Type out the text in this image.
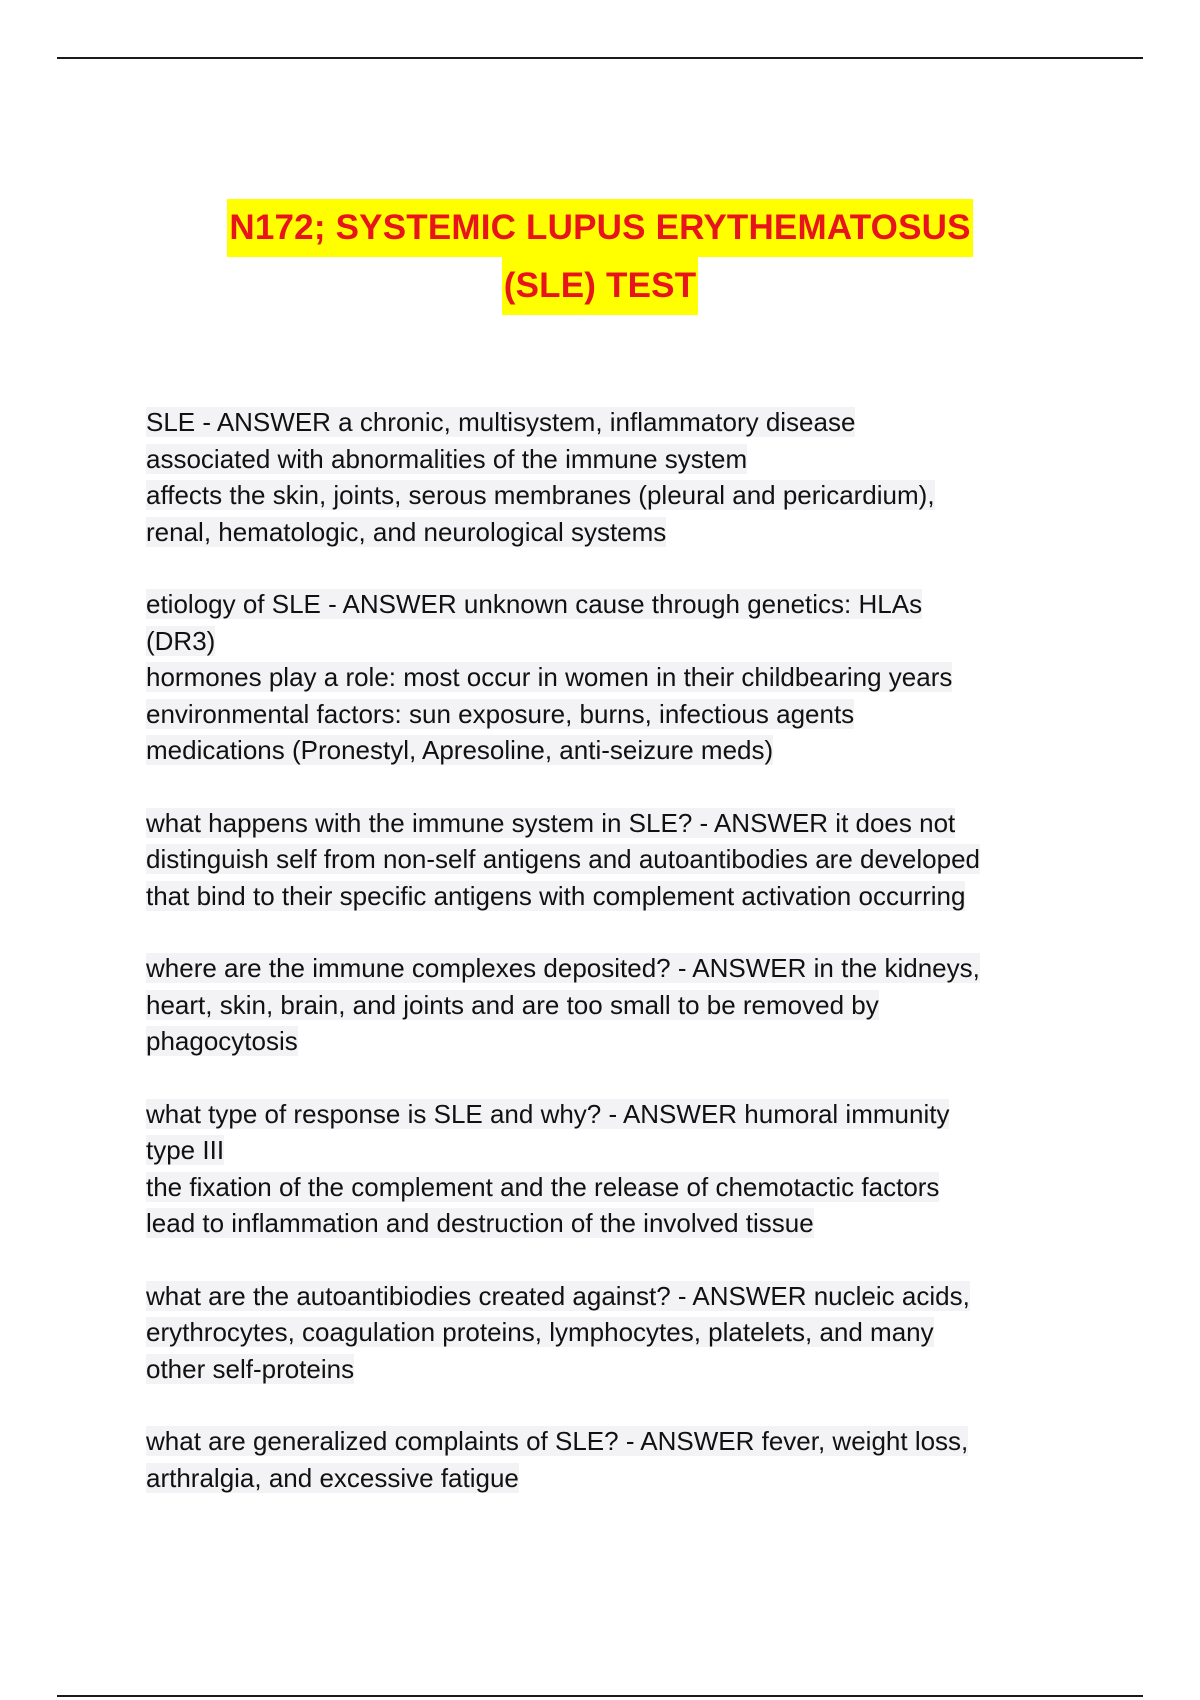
N172; SYSTEMIC LUPUS ERYTHEMATOSUS
(SLE) TEST
SLE - ANSWER a chronic, multisystem, inflammatory disease
associated with abnormalities of the immune system
affects the skin, joints, serous membranes (pleural and pericardium),
renal, hematologic, and neurological systems
etiology of SLE - ANSWER unknown cause through genetics: HLAs
(DR3)
hormones play a role: most occur in women in their childbearing years
environmental factors: sun exposure, burns, infectious agents
medications (Pronestyl, Apresoline, anti-seizure meds)
what happens with the immune system in SLE? - ANSWER it does not
distinguish self from non-self antigens and autoantibodies are developed
that bind to their specific antigens with complement activation occurring
where are the immune complexes deposited? - ANSWER in the kidneys,
heart, skin, brain, and joints and are too small to be removed by
phagocytosis
what type of response is SLE and why? - ANSWER humoral immunity
type III
the fixation of the complement and the release of chemotactic factors
lead to inflammation and destruction of the involved tissue
what are the autoantibiodies created against? - ANSWER nucleic acids,
erythrocytes, coagulation proteins, lymphocytes, platelets, and many
other self-proteins
what are generalized complaints of SLE? - ANSWER fever, weight loss,
arthralgia, and excessive fatigue
